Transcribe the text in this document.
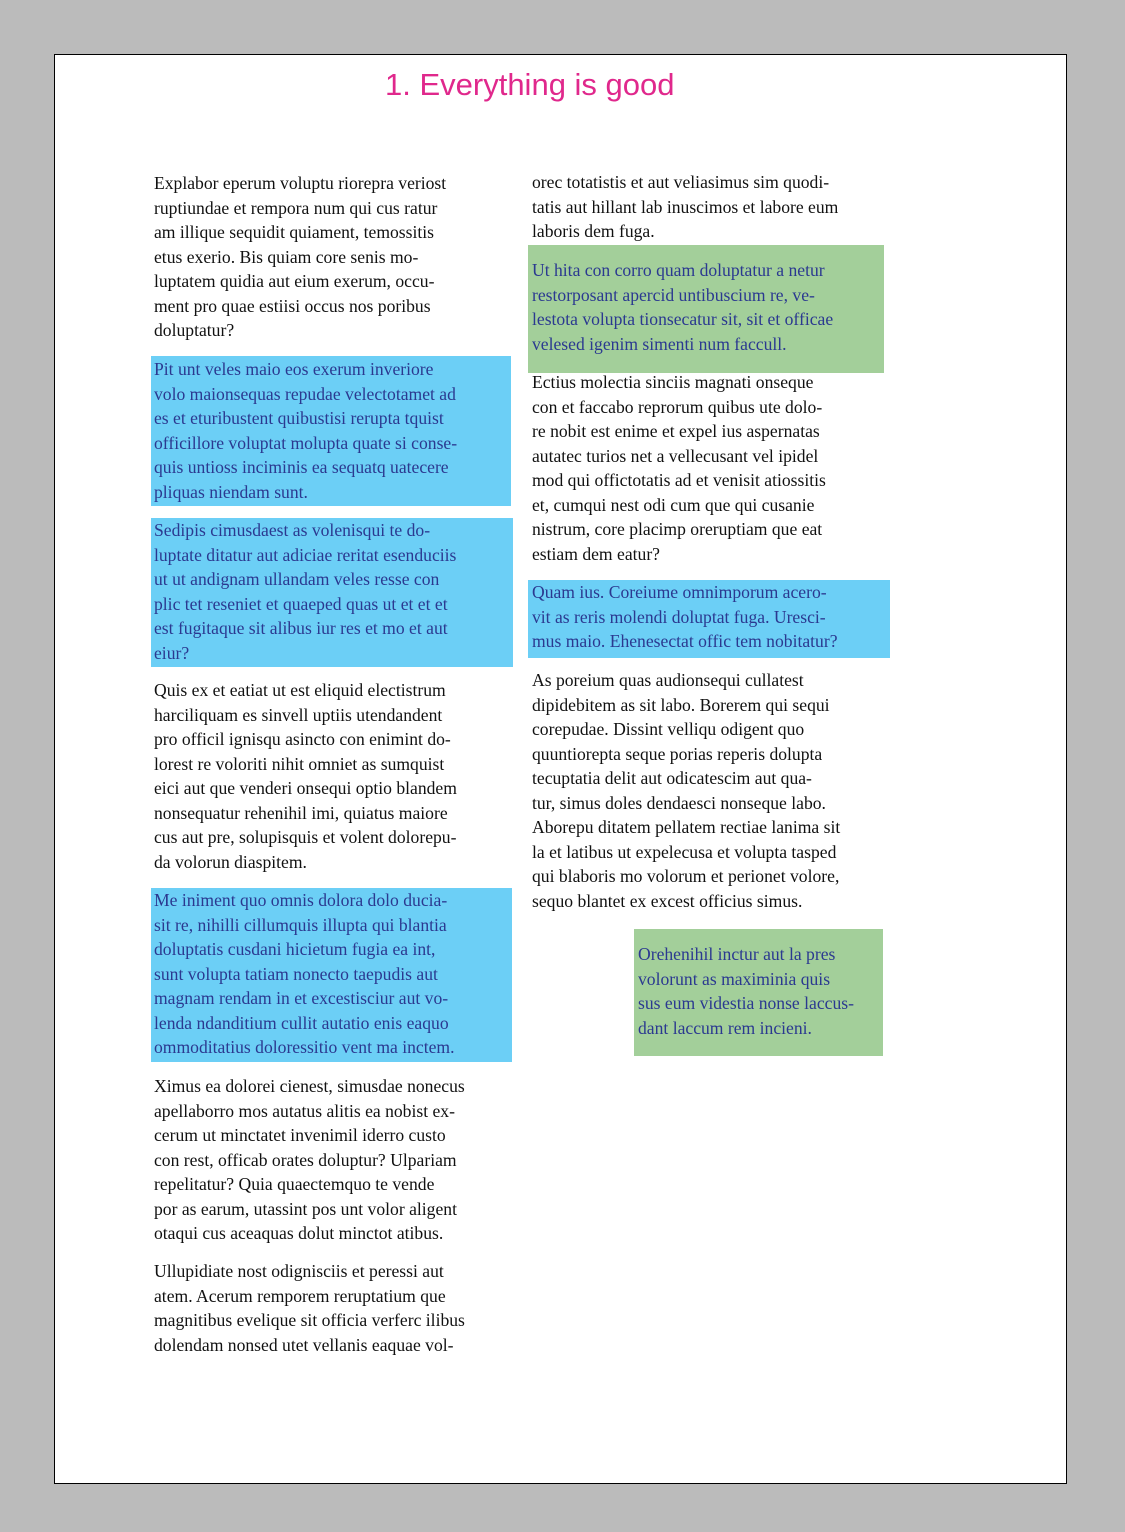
1. Everything is good
Explabor eperum voluptu riorepra veriost
ruptiundae et rempora num qui cus ratur
am illique sequidit quiament, temossitis
etus exerio. Bis quiam core senis mo-
luptatem quidia aut eium exerum, occu-
ment pro quae estiisi occus nos poribus
doluptatur?
Pit unt veles maio eos exerum inveriore
volo maionsequas repudae velectotamet ad
es et eturibustent quibustisi rerupta tquist
officillore voluptat molupta quate si conse-
quis untioss inciminis ea sequatq uatecere
pliquas niendam sunt.
Sedipis cimusdaest as volenisqui te do-
luptate ditatur aut adiciae reritat esenduciis
ut ut andignam ullandam veles resse con
plic tet reseniet et quaeped quas ut et et et
est fugitaque sit alibus iur res et mo et aut
eiur?
Quis ex et eatiat ut est eliquid electistrum
harciliquam es sinvell uptiis utendandent
pro officil ignisqu asincto con enimint do-
lorest re voloriti nihit omniet as sumquist
eici aut que venderi onsequi optio blandem
nonsequatur rehenihil imi, quiatus maiore
cus aut pre, solupisquis et volent dolorepu-
da volorun diaspitem.
Me iniment quo omnis dolora dolo ducia-
sit re, nihilli cillumquis illupta qui blantia
doluptatis cusdani hicietum fugia ea int,
sunt volupta tatiam nonecto taepudis aut
magnam rendam in et excestisciur aut vo-
lenda ndanditium cullit autatio enis eaquo
ommoditatius doloressitio vent ma inctem.
Ximus ea dolorei cienest, simusdae nonecus
apellaborro mos autatus alitis ea nobist ex-
cerum ut minctatet invenimil iderro custo
con rest, officab orates doluptur? Ulpariam
repelitatur? Quia quaectemquo te vende
por as earum, utassint pos unt volor aligent
otaqui cus aceaquas dolut minctot atibus.
Ullupidiate nost odignisciis et peressi aut
atem. Acerum remporem reruptatium que
magnitibus evelique sit officia verferc ilibus
dolendam nonsed utet vellanis eaquae vol-
orec totatistis et aut veliasimus sim quodi-
tatis aut hillant lab inuscimos et labore eum
laboris dem fuga.
Ut hita con corro quam doluptatur a netur
restorposant apercid untibuscium re, ve-
lestota volupta tionsecatur sit, sit et officae
velesed igenim simenti num faccull.
Ectius molectia sinciis magnati onseque
con et faccabo reprorum quibus ute dolo-
re nobit est enime et expel ius aspernatas
autatec turios net a vellecusant vel ipidel
mod qui offictotatis ad et venisit atiossitis
et, cumqui nest odi cum que qui cusanie
nistrum, core placimp oreruptiam que eat
estiam dem eatur?
Quam ius. Coreiume omnimporum acero-
vit as reris molendi doluptat fuga. Uresci-
mus maio. Ehenesectat offic tem nobitatur?
As poreium quas audionsequi cullatest
dipidebitem as sit labo. Borerem qui sequi
corepudae. Dissint velliqu odigent quo
quuntiorepta seque porias reperis dolupta
tecuptatia delit aut odicatescim aut qua-
tur, simus doles dendaesci nonseque labo.
Aborepu ditatem pellatem rectiae lanima sit
la et latibus ut expelecusa et volupta tasped
qui blaboris mo volorum et perionet volore,
sequo blantet ex excest officius simus.
Orehenihil inctur aut la pres
volorunt as maximinia quis
sus eum videstia nonse laccus-
dant laccum rem incieni.
